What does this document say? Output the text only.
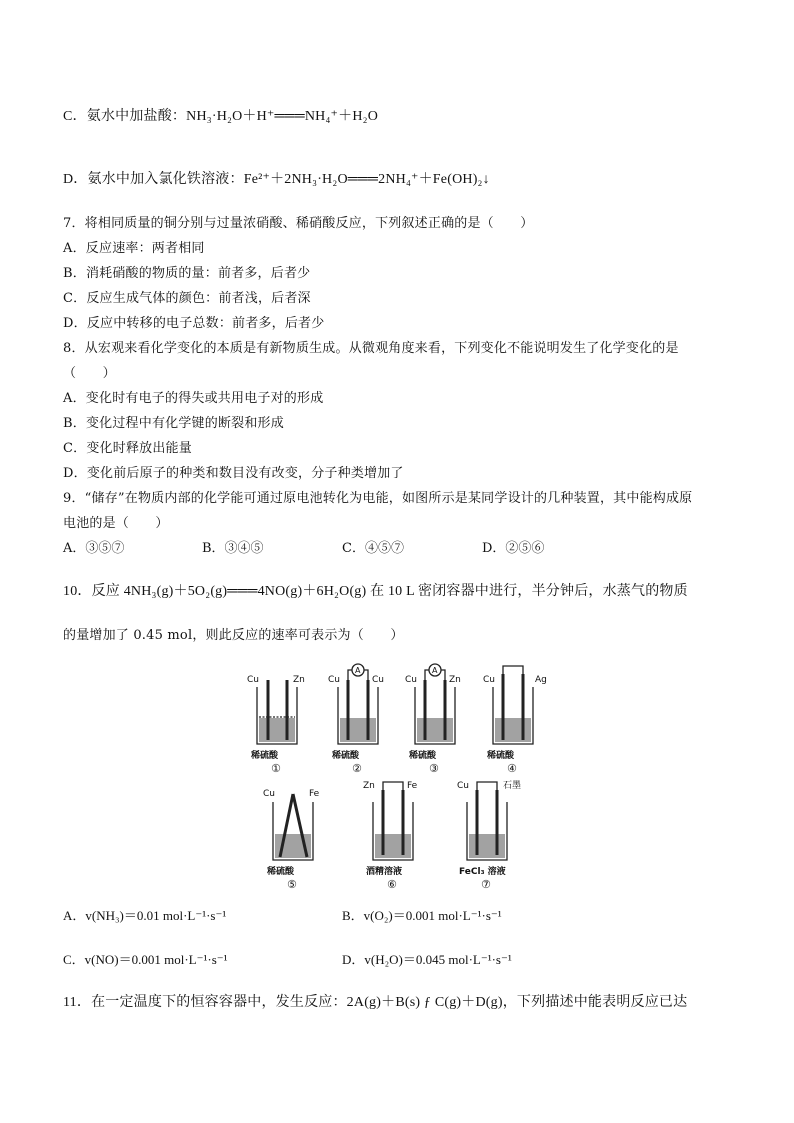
C．氨水中加盐酸：NH₃·H₂O＋H⁺═══NH₄⁺＋H₂O
D．氨水中加入氯化铁溶液：Fe²⁺＋2NH₃·H₂O═══2NH₄⁺＋Fe(OH)₂↓
7．将相同质量的铜分别与过量浓硝酸、稀硝酸反应，下列叙述正确的是（　　）
A．反应速率：两者相同
B．消耗硝酸的物质的量：前者多，后者少
C．反应生成气体的颜色：前者浅，后者深
D．反应中转移的电子总数：前者多，后者少
8．从宏观来看化学变化的本质是有新物质生成。从微观角度来看，下列变化不能说明发生了化学变化的是
（　　）
A．变化时有电子的得失或共用电子对的形成
B．变化过程中有化学键的断裂和形成
C．变化时释放出能量
D．变化前后原子的种类和数目没有改变，分子种类增加了
9．“储存”在物质内部的化学能可通过原电池转化为电能，如图所示是某同学设计的几种装置，其中能构成原
电池的是（　　）
A．③⑤⑦	B．③④⑤	C．④⑤⑦	D．②⑤⑥
10．反应 4NH₃(g)＋5O₂(g)═══4NO(g)＋6H₂O(g) 在 10 L 密闭容器中进行，半分钟后，水蒸气的物质
的量增加了 0.45 mol，则此反应的速率可表示为（　　）
Cu	Zn
稀硫酸
①
Cu	Cu
A
稀硫酸
②
Cu	Zn
A
稀硫酸
③
Cu	Ag
稀硫酸
④
Cu	Fe
稀硫酸
⑤
Zn	Fe
酒精溶液
⑥
Cu	石墨
FeCl₃ 溶液
⑦
A．v(NH₃)＝0.01 mol·L⁻¹·s⁻¹	B．v(O₂)＝0.001 mol·L⁻¹·s⁻¹
C．v(NO)＝0.001 mol·L⁻¹·s⁻¹	D．v(H₂O)＝0.045 mol·L⁻¹·s⁻¹
11．在一定温度下的恒容容器中，发生反应：2A(g)＋B(s) ƒ C(g)＋D(g)，下列描述中能表明反应已达
